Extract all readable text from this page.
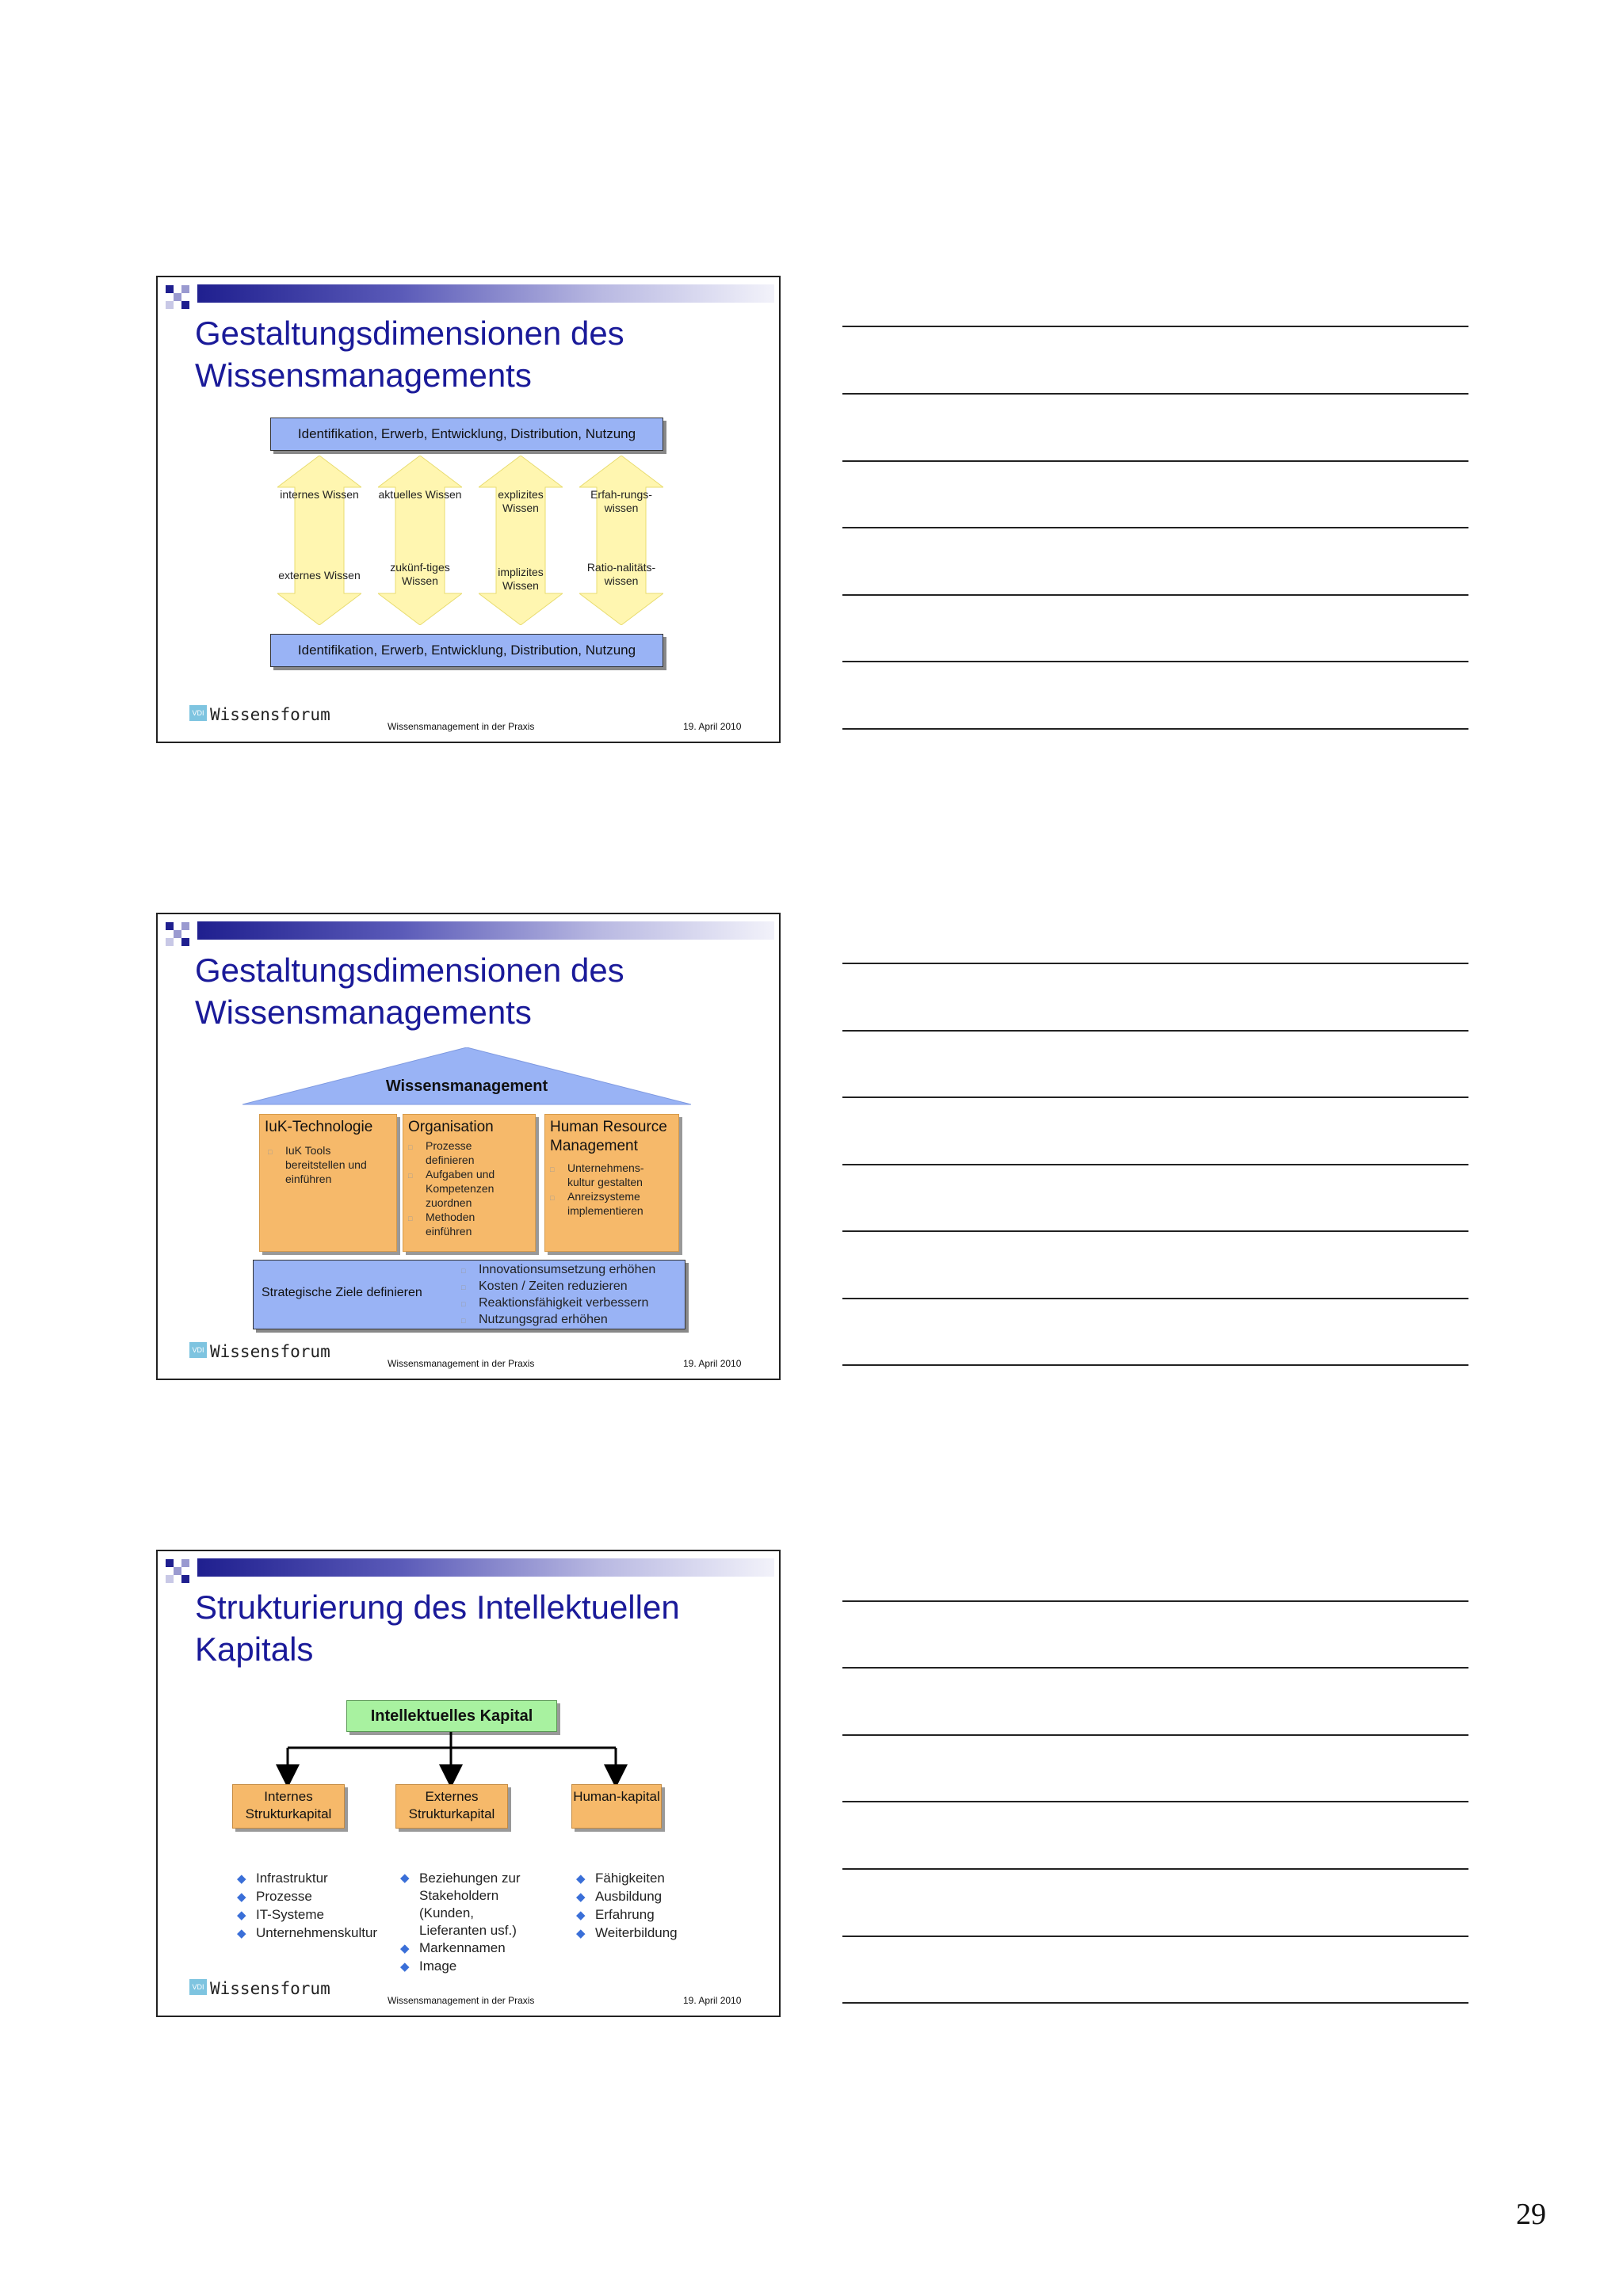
Gestaltungsdimensionen des Wissensmanagements
Identifikation, Erwerb, Entwicklung, Distribution, Nutzung
internes Wissen
externes Wissen
aktuelles Wissen
zukünf-tiges Wissen
explizites Wissen
implizites Wissen
Erfah-rungs-wissen
Ratio-nalitäts-wissen
Identifikation, Erwerb, Entwicklung, Distribution, Nutzung
VDI Wissensforum
Wissensmanagement in der Praxis	19. April 2010
Gestaltungsdimensionen des Wissensmanagements
Wissensmanagement
IuK-Technologie
□ IuK Tools bereitstellen und einführen
Organisation
□ Prozesse definieren
□ Aufgaben und Kompetenzen zuordnen
□ Methoden einführen
Human Resource Management
□ Unternehmens-kultur gestalten
□ Anreizsysteme implementieren
Strategische Ziele definieren
□ Innovationsumsetzung erhöhen
□ Kosten / Zeiten reduzieren
□ Reaktionsfähigkeit verbessern
□ Nutzungsgrad erhöhen
VDI Wissensforum
Wissensmanagement in der Praxis	19. April 2010
Strukturierung des Intellektuellen Kapitals
Intellektuelles Kapital
Internes Strukturkapital
Externes Strukturkapital
Human-kapital
◆ Infrastruktur
◆ Prozesse
◆ IT-Systeme
◆ Unternehmenskultur
◆ Beziehungen zur Stakeholdern (Kunden, Lieferanten usf.)
◆ Markennamen
◆ Image
◆ Fähigkeiten
◆ Ausbildung
◆ Erfahrung
◆ Weiterbildung
VDI Wissensforum
Wissensmanagement in der Praxis	19. April 2010
29
